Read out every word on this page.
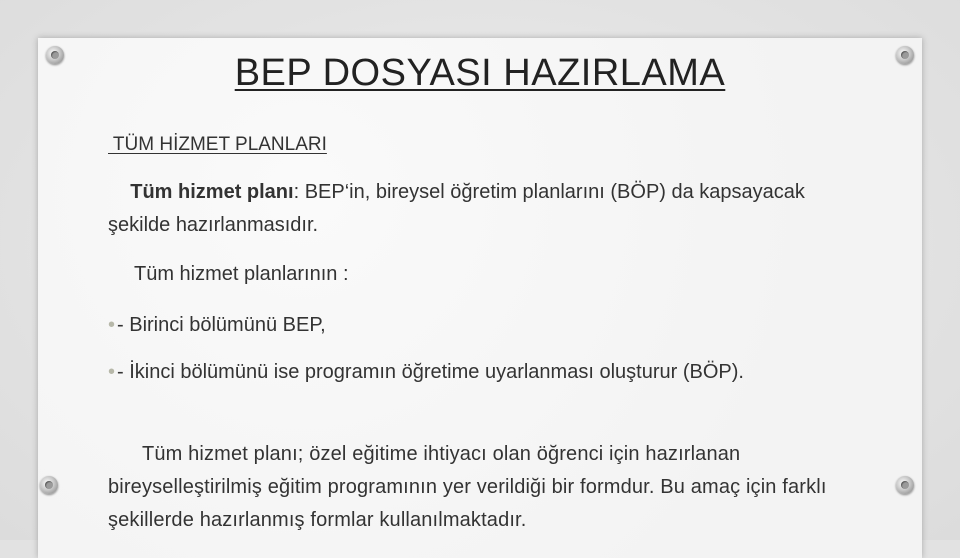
BEP DOSYASI HAZIRLAMA
TÜM HİZMET PLANLARI
Tüm hizmet planı: BEP‘in, bireysel öğretim planlarını (BÖP) da kapsayacak şekilde hazırlanmasıdır.
Tüm hizmet planlarının :
• - Birinci bölümünü BEP,
• - İkinci bölümünü ise programın öğretime uyarlanması oluşturur (BÖP).
Tüm hizmet planı; özel eğitime ihtiyacı olan öğrenci için hazırlanan bireyselleştirilmiş eğitim programının yer verildiği bir formdur. Bu amaç için farklı şekillerde hazırlanmış formlar kullanılmaktadır.
